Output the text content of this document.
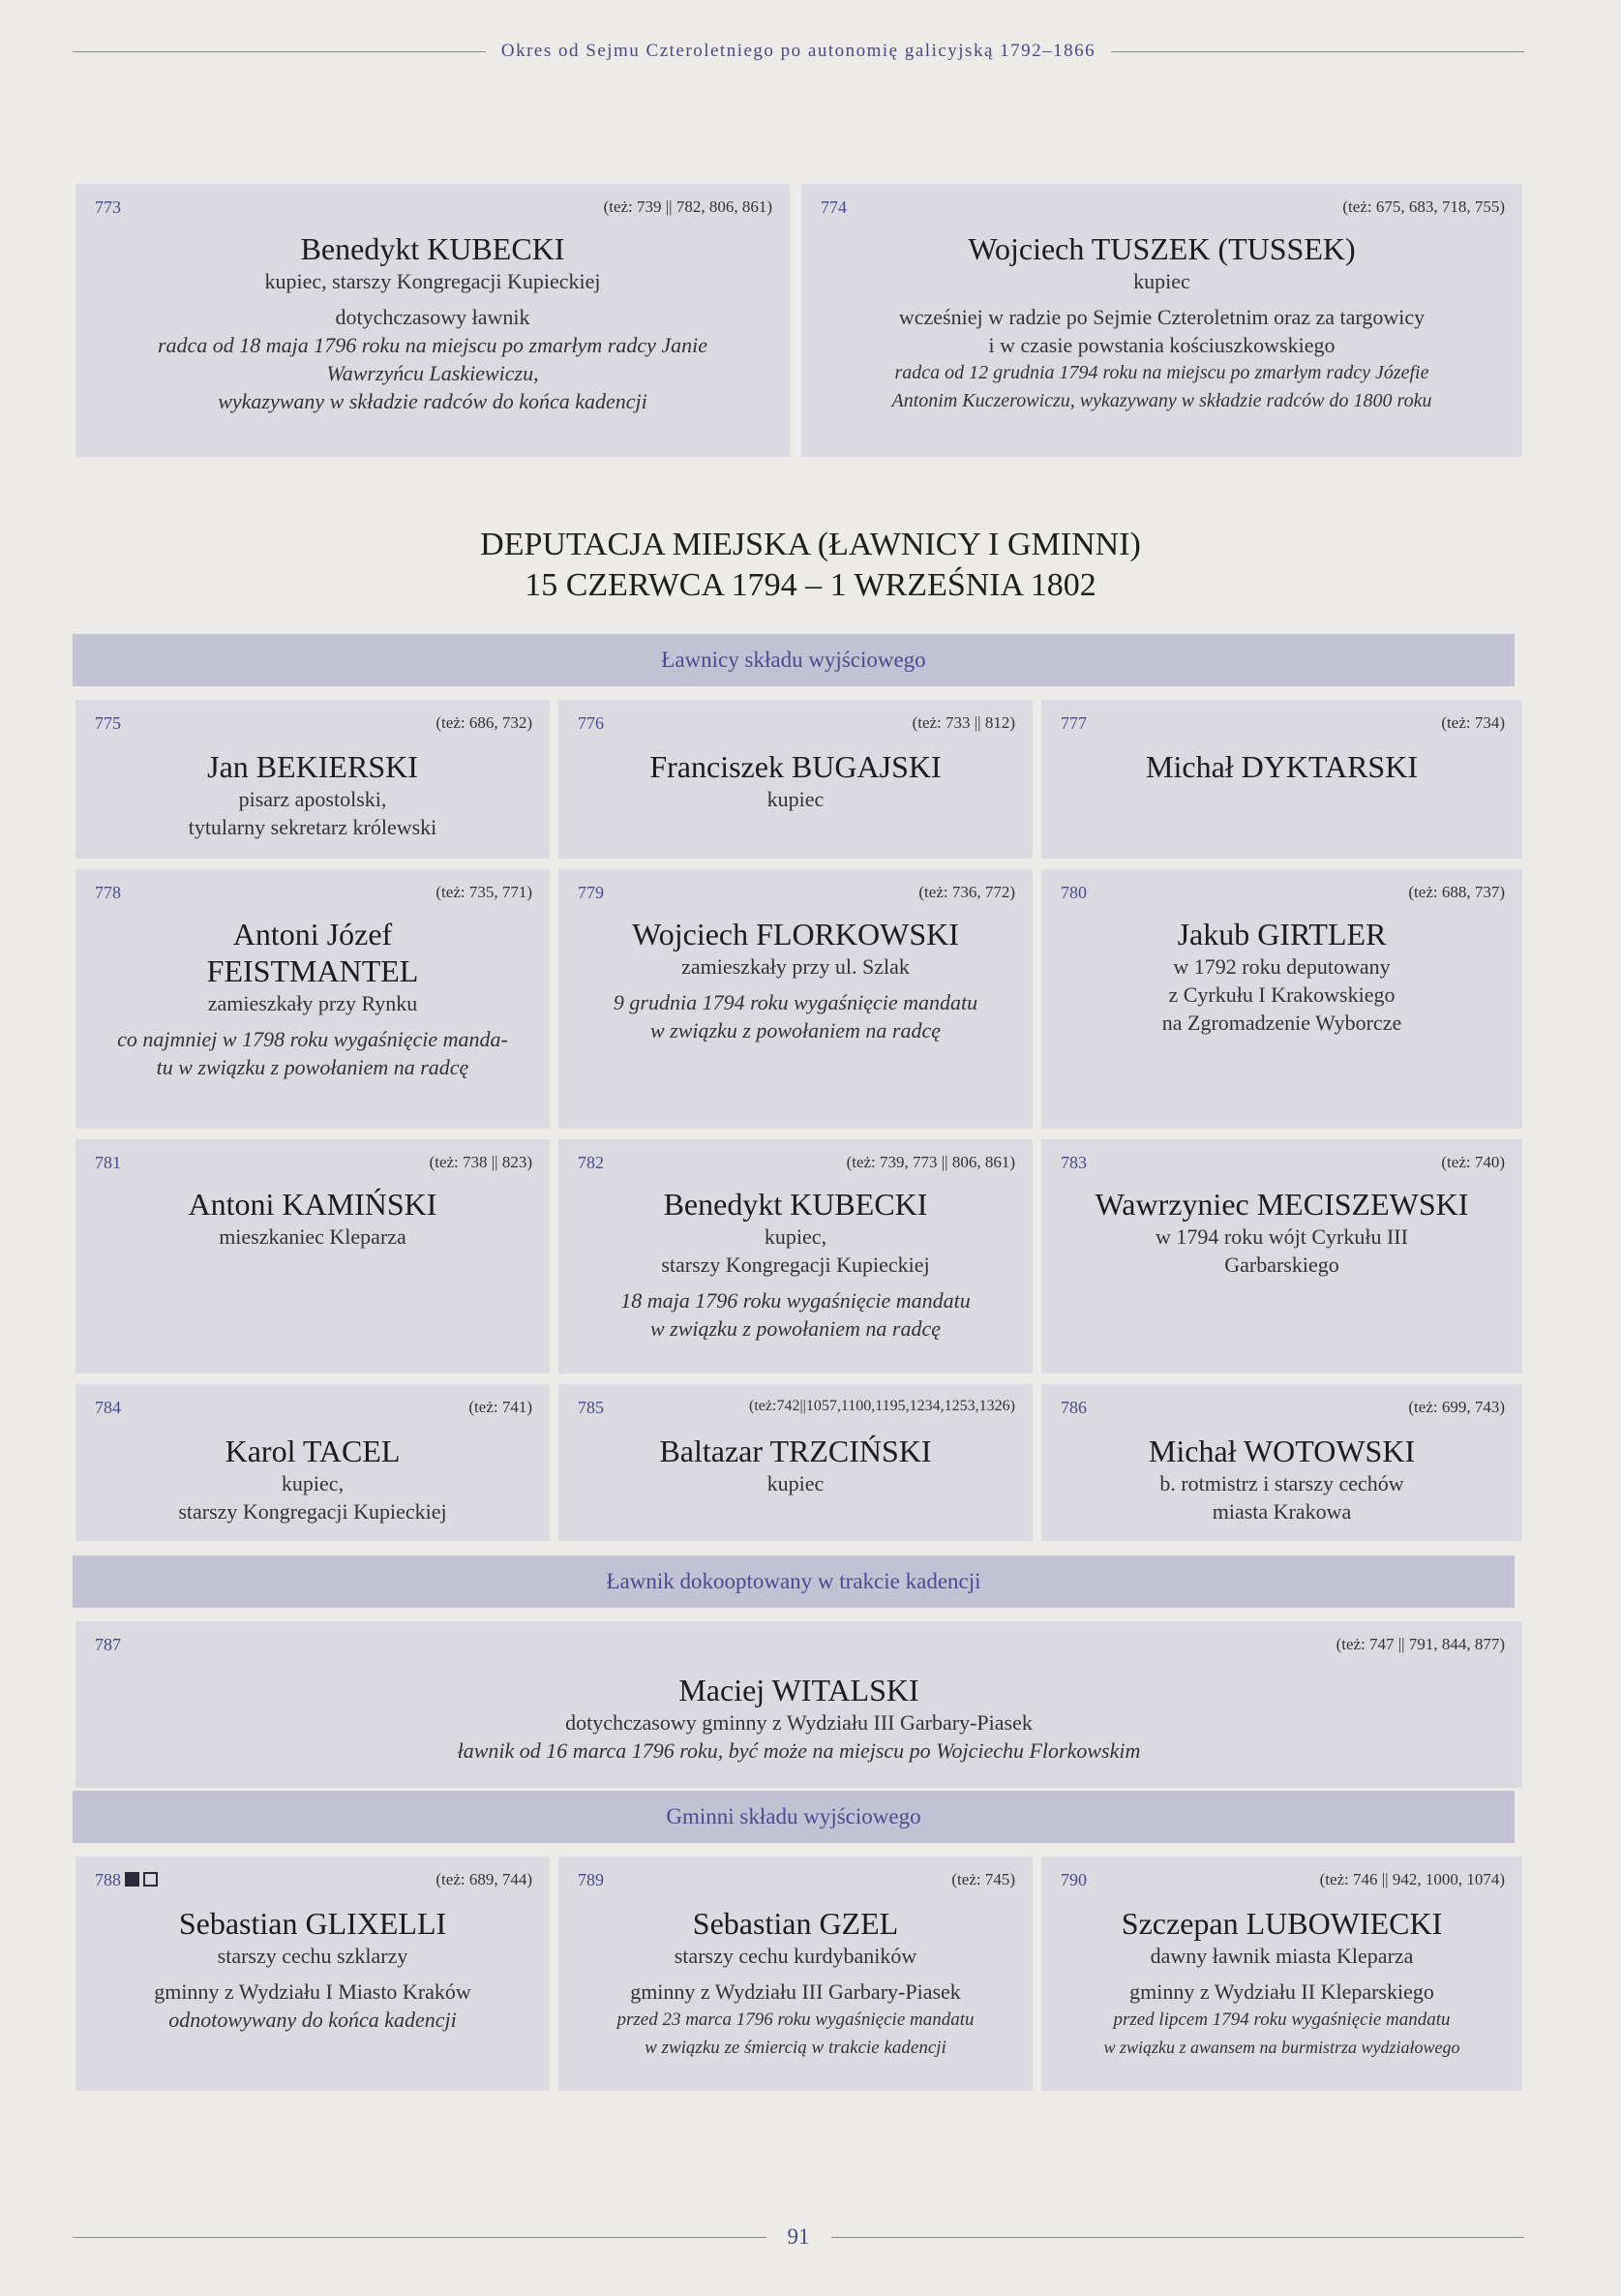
Okres od Sejmu Czteroletniego po autonomię galicyjską 1792–1866
773	(też: 739 || 782, 806, 861)
Benedykt KUBECKI
kupiec, starszy Kongregacji Kupieckiej
dotychczasowy ławnik
radca od 18 maja 1796 roku na miejscu po zmarłym radcy Janie
Wawrzyńcu Laskiewiczu,
wykazywany w składzie radców do końca kadencji
774	(też: 675, 683, 718, 755)
Wojciech TUSZEK (TUSSEK)
kupiec
wcześniej w radzie po Sejmie Czteroletnim oraz za targowicy
i w czasie powstania kościuszkowskiego
radca od 12 grudnia 1794 roku na miejscu po zmarłym radcy Józefie
Antonim Kuczerowiczu, wykazywany w składzie radców do 1800 roku
DEPUTACJA MIEJSKA (ŁAWNICY I GMINNI)
15 CZERWCA 1794 – 1 WRZEŚNIA 1802
Ławnicy składu wyjściowego
775	(też: 686, 732)
Jan BEKIERSKI
pisarz apostolski,
tytularny sekretarz królewski
776	(też: 733 || 812)
Franciszek BUGAJSKI
kupiec
777	(też: 734)
Michał DYKTARSKI
778	(też: 735, 771)
Antoni Józef
FEISTMANTEL
zamieszkały przy Rynku
co najmniej w 1798 roku wygaśnięcie manda-
tu w związku z powołaniem na radcę
779	(też: 736, 772)
Wojciech FLORKOWSKI
zamieszkały przy ul. Szlak
9 grudnia 1794 roku wygaśnięcie mandatu
w związku z powołaniem na radcę
780	(też: 688, 737)
Jakub GIRTLER
w 1792 roku deputowany
z Cyrkułu I Krakowskiego
na Zgromadzenie Wyborcze
781	(też: 738 || 823)
Antoni KAMIŃSKI
mieszkaniec Kleparza
782	(też: 739, 773 || 806, 861)
Benedykt KUBECKI
kupiec,
starszy Kongregacji Kupieckiej
18 maja 1796 roku wygaśnięcie mandatu
w związku z powołaniem na radcę
783	(też: 740)
Wawrzyniec MECISZEWSKI
w 1794 roku wójt Cyrkułu III
Garbarskiego
784	(też: 741)
Karol TACEL
kupiec,
starszy Kongregacji Kupieckiej
785	(też:742||1057,1100,1195,1234,1253,1326)
Baltazar TRZCIŃSKI
kupiec
786	(też: 699, 743)
Michał WOTOWSKI
b. rotmistrz i starszy cechów
miasta Krakowa
Ławnik dokooptowany w trakcie kadencji
787	(też: 747 || 791, 844, 877)
Maciej WITALSKI
dotychczasowy gminny z Wydziału III Garbary-Piasek
ławnik od 16 marca 1796 roku, być może na miejscu po Wojciechu Florkowskim
Gminni składu wyjściowego
788	(też: 689, 744)
Sebastian GLIXELLI
starszy cechu szklarzy
gminny z Wydziału I Miasto Kraków
odnotowywany do końca kadencji
789	(też: 745)
Sebastian GZEL
starszy cechu kurdybaników
gminny z Wydziału III Garbary-Piasek
przed 23 marca 1796 roku wygaśnięcie mandatu
w związku ze śmiercią w trakcie kadencji
790	(też: 746 || 942, 1000, 1074)
Szczepan LUBOWIECKI
dawny ławnik miasta Kleparza
gminny z Wydziału II Kleparskiego
przed lipcem 1794 roku wygaśnięcie mandatu
w związku z awansem na burmistrza wydziałowego
91
